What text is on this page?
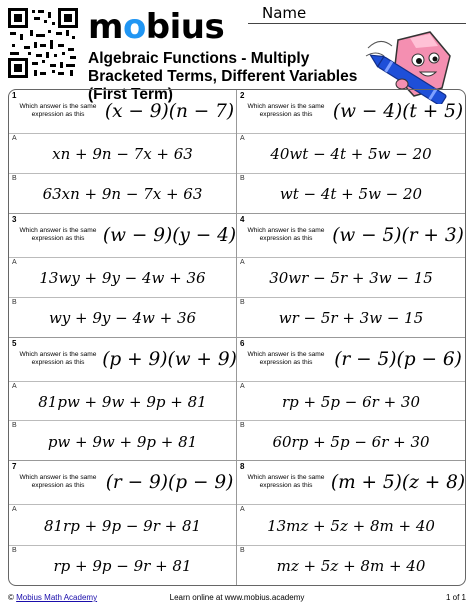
mobius	Name
Algebraic Functions - Multiply Bracketed Terms, Different Variables (First Term)
1
Which answer is the same expression as this	(x − 9)(n − 7)
A
xn + 9n − 7x + 63
B
63xn + 9n − 7x + 63
2
Which answer is the same expression as this	(w − 4)(t + 5)
A
40wt − 4t + 5w − 20
B
wt − 4t + 5w − 20
3
Which answer is the same expression as this	(w − 9)(y − 4)
A
13wy + 9y − 4w + 36
B
wy + 9y − 4w + 36
4
Which answer is the same expression as this	(w − 5)(r + 3)
A
30wr − 5r + 3w − 15
B
wr − 5r + 3w − 15
5
Which answer is the same expression as this (p + 9)(w + 9)
A
81pw + 9w + 9p + 81
B
pw + 9w + 9p + 81
6
Which answer is the same expression as this	(r − 5)(p − 6)
A
rp + 5p − 6r + 30
B
60rp + 5p − 6r + 30
7
Which answer is the same expression as this	(r − 9)(p − 9)
A
81rp + 9p − 9r + 81
B
rp + 9p − 9r + 81
8
Which answer is the same expression as this	(m + 5)(z + 8)
A
13mz + 5z + 8m + 40
B
mz + 5z + 8m + 40
© Mobius Math Academy	Learn online at www.mobius.academy	1 of 1
